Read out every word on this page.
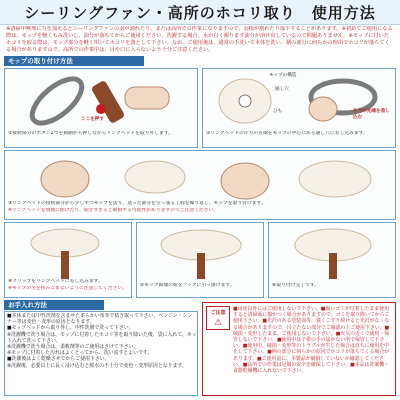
シーリングファン・高所のホコリ取り　使用方法
※清掃中無理に力を加えるとシーリングファンの羽が割れたり、または高所での作業になりますので、羽根が割れたり落下することがあります。※初めてご使用になる際は、モップを軽くもみ洗いし、油分が落ちてからご使用ください。洗濯する場合、水が白く濁ります油分が溶け出しているので問題ありません。※モップに付いたホコリを取る際は、モップ部分を軽く叩いてホコリを落として下さい。なお、ご使用後は、通常の手洗いで本体を洗い、柄の部分に何らかの理由でホコリが落ちてくる場合がありますので、高所での作業中は、目や口に入らないよう十分ご注意ください。
モップの取り付け方法
ここを押す
①接続部分のボタン2つを両側から押しながらリングヘッドを取り外します。
モップの構造
通し穴
ひも	片方の先端を差し込む
②リングヘッドの片方の先端をモップの中心にある通し穴に差し込みます。
③リングヘッドの接続部分から少しずつモップを送り、送った部分を引っ張る工程を繰り返し、モップを取り付けます。
※リングヘッドを無理に曲げたり、開きすぎると破損する可能性がありますのでご注意ください。
④グリップをリングヘッドに差し込みます。
※モップの毛を挟みこまないように注意してください。
⑤モップ両端の紐をフックに引っ掛けます。	⑥取り付け完了です。
お手入れ方法
■本体または中性洗剤を含ませた柔らかい布等で拭き取って下さい。ベンジン・シンナー等は変色・変形の原因となります。
■モップヘッドから取り外し、中性洗剤で洗って下さい。
※洗濯機で洗う場合は、モップに付着したホコリ等を取り除いた後、袋に入れて、ネット入れて洗って下さい。
※洗濯機で洗う場合は、柔軟剤等のご使用はさけて下さい。
※モップに付着した汚れはよくとってから、洗い流すとよいです。
■洗濯後はよく乾燥させてからご使用下さい。
※洗濯後、必要以上に長く浸け込むと脱水の不十分で変色・変形原因となります。
ご注意
⚠
■用途以外にはご使用しないで下さい。■鋭いゴミが付着したまま使用すると清掃面に傷がつく場合がありますので、ゴミを取り除いてからご使用下さい。■光沢のある塗装面等、強くこすり続けると光沢がなくなる場合がありますので、目立たない部分でご確認の上ご使用下さい。■破損・変形したまま、ご使用しないで下さい。■火気の近くで使用・保管しないで下さい。■使用中は子供の手の届かない所で保管して下さい。■使用中、破損・変形等のトラブルが生じた場合は直ちに使用を中止して下さい。■柄の部分に何らかの原因でホコリが落ちてくる場合があります。■ご使用前に、本製品が破損していないか確認してください。■高所での作業は足場の安全を確保して下さい。■本品は洗濯機・食器乾燥機に入れないで下さい。
